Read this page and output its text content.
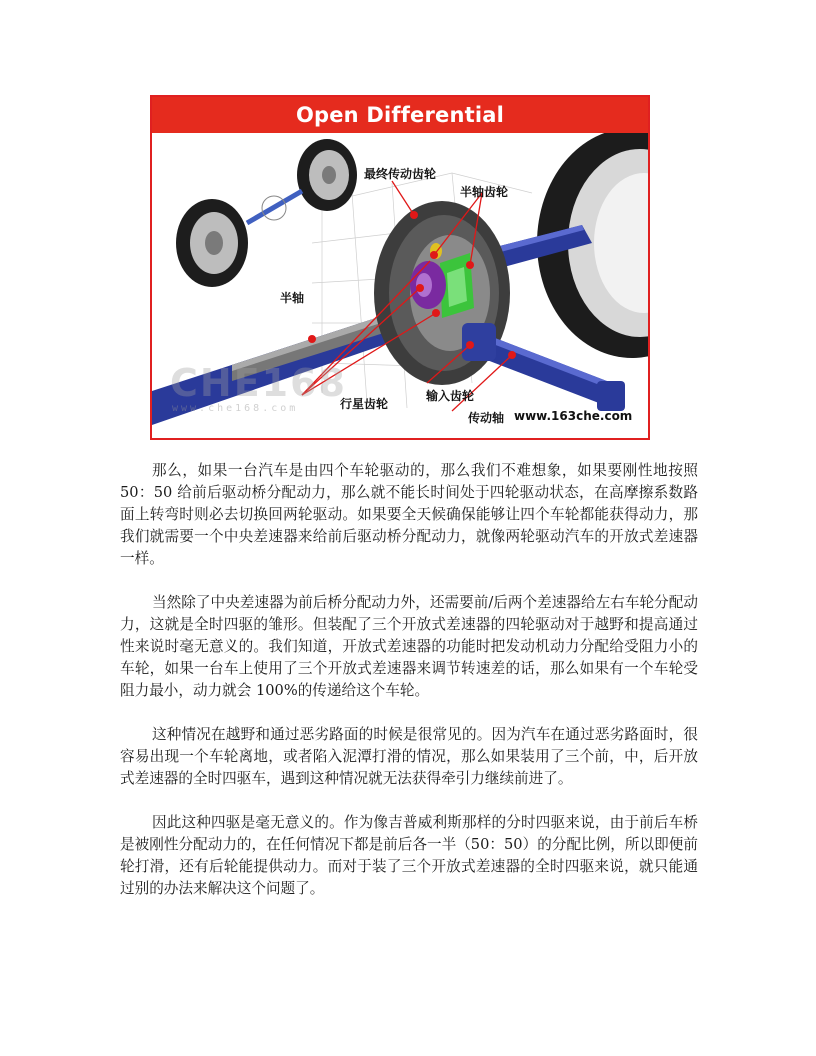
Open Differential
CHE168
www.che168.com
最终传动齿轮
半轴齿轮
半轴
行星齿轮
输入齿轮
传动轴 www.163che.com

那么，如果一台汽车是由四个车轮驱动的，那么我们不难想象，如果要刚性地按照 50：50 给前后驱动桥分配动力，那么就不能长时间处于四轮驱动状态，在高摩擦系数路面上转弯时则必去切换回两轮驱动。如果要全天候确保能够让四个车轮都能获得动力，那我们就需要一个中央差速器来给前后驱动桥分配动力，就像两轮驱动汽车的开放式差速器一样。

当然除了中央差速器为前后桥分配动力外，还需要前/后两个差速器给左右车轮分配动力，这就是全时四驱的雏形。但装配了三个开放式差速器的四轮驱动对于越野和提高通过性来说时毫无意义的。我们知道，开放式差速器的功能时把发动机动力分配给受阻力小的车轮，如果一台车上使用了三个开放式差速器来调节转速差的话，那么如果有一个车轮受阻力最小，动力就会 100%的传递给这个车轮。

这种情况在越野和通过恶劣路面的时候是很常见的。因为汽车在通过恶劣路面时，很容易出现一个车轮离地，或者陷入泥潭打滑的情况，那么如果装用了三个前，中，后开放式差速器的全时四驱车，遇到这种情况就无法获得牵引力继续前进了。

因此这种四驱是毫无意义的。作为像吉普威利斯那样的分时四驱来说，由于前后车桥是被刚性分配动力的，在任何情况下都是前后各一半（50：50）的分配比例，所以即便前轮打滑，还有后轮能提供动力。而对于装了三个开放式差速器的全时四驱来说，就只能通过别的办法来解决这个问题了。
